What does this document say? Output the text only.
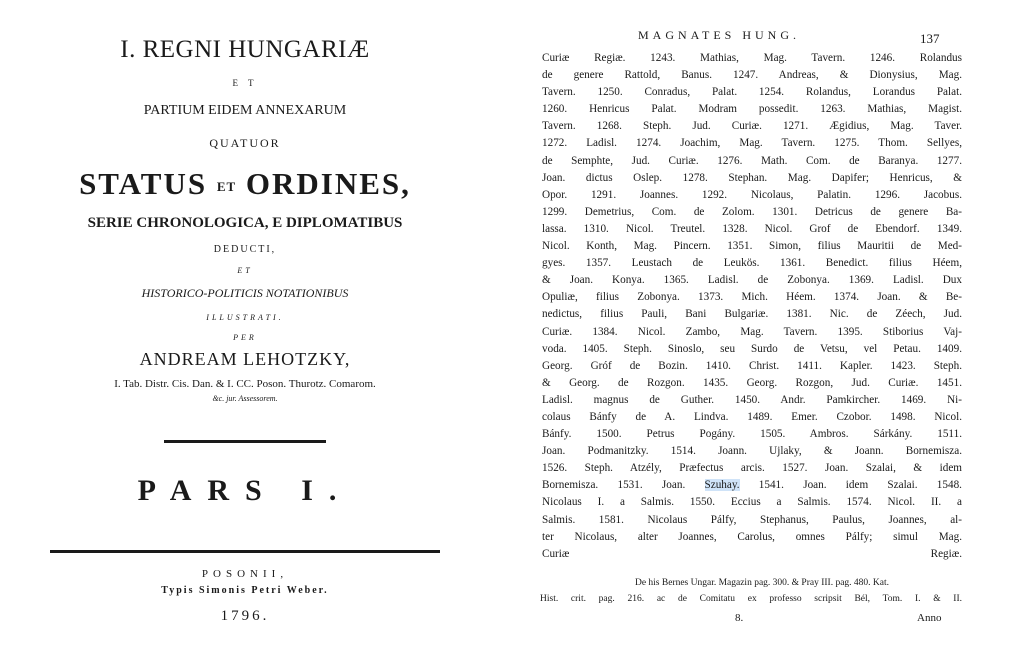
I. REGNI HUNGARIÆ
E T
PARTIUM EIDEM ANNEXARUM
QUATUOR
STATUS ET ORDINES,
SERIE CHRONOLOGICA, E DIPLOMATIBUS
DEDUCTI,
ET
HISTORICO-POLITICIS NOTATIONIBUS
ILLUSTRATI.
PER
ANDREAM LEHOTZKY,
I. Tab. Distr. Cis. Dan. & I. CC. Poson. Thurotz. Comarom.
&c. jur. Assessorem.
PARS I.
POSONII,
Typis Simonis Petri Weber.
1796.
MAGNATES HUNG.	137
Curiæ Regiæ. 1243. Mathias, Mag. Tavern. 1246. Rolandus
de genere Rattold, Banus. 1247. Andreas, & Dionysius, Mag.
Tavern. 1250. Conradus, Palat. 1254. Rolandus, Lorandus Palat.
1260. Henricus Palat. Modram possedit. 1263. Mathias, Magist.
Tavern. 1268. Steph. Jud. Curiæ. 1271. Ægidius, Mag. Taver.
1272. Ladisl. 1274. Joachim, Mag. Tavern. 1275. Thom. Sellyes,
de Semphte, Jud. Curiæ. 1276. Math. Com. de Baranya. 1277.
Joan. dictus Oslep. 1278. Stephan. Mag. Dapifer; Henricus, &
Opor. 1291. Joannes. 1292. Nicolaus, Palatin. 1296. Jacobus.
1299. Demetrius, Com. de Zolom. 1301. Detricus de genere Ba-
lassa. 1310. Nicol. Treutel. 1328. Nicol. Grof de Ebendorf. 1349.
Nicol. Konth, Mag. Pincern. 1351. Simon, filius Mauritii de Med-
gyes. 1357. Leustach de Leukös. 1361. Benedict. filius Héem,
& Joan. Konya. 1365. Ladisl. de Zobonya. 1369. Ladisl. Dux
Opuliæ, filius Zobonya. 1373. Mich. Héem. 1374. Joan. & Be-
nedictus, filius Pauli, Bani Bulgariæ. 1381. Nic. de Zéech, Jud.
Curiæ. 1384. Nicol. Zambo, Mag. Tavern. 1395. Stiborius Vaj-
voda. 1405. Steph. Sinoslo, seu Surdo de Vetsu, vel Petau. 1409.
Georg. Gróf de Bozin. 1410. Christ. 1411. Kapler. 1423. Steph.
& Georg. de Rozgon. 1435. Georg. Rozgon, Jud. Curiæ. 1451.
Ladisl. magnus de Guther. 1450. Andr. Pamkircher. 1469. Ni-
colaus Bánfy de A. Lindva. 1489. Emer. Czobor. 1498. Nicol.
Bánfy. 1500. Petrus Pogány. 1505. Ambros. Sárkány. 1511.
Joan. Podmanitzky. 1514. Joann. Ujlaky, & Joann. Bornemisza.
1526. Steph. Atzély, Præfectus arcis. 1527. Joan. Szalai, & idem
Bornemisza. 1531. Joan. Szuhay. 1541. Joan. idem Szalai. 1548.
Nicolaus I. a Salmis. 1550. Eccius a Salmis. 1574. Nicol. II. a
Salmis. 1581. Nicolaus Pálfy, Stephanus, Paulus, Joannes, al-
ter Nicolaus, alter Joannes, Carolus, omnes Pálfy; simul Mag.
Curiæ Regiæ.
De his Bernes Ungar. Magazin pag. 300. & Pray III. pag. 480. Kat.
Hist. crit. pag. 216. ac de Comitatu ex professo scripsit Bél, Tom. I. & II.
8.	Anno
